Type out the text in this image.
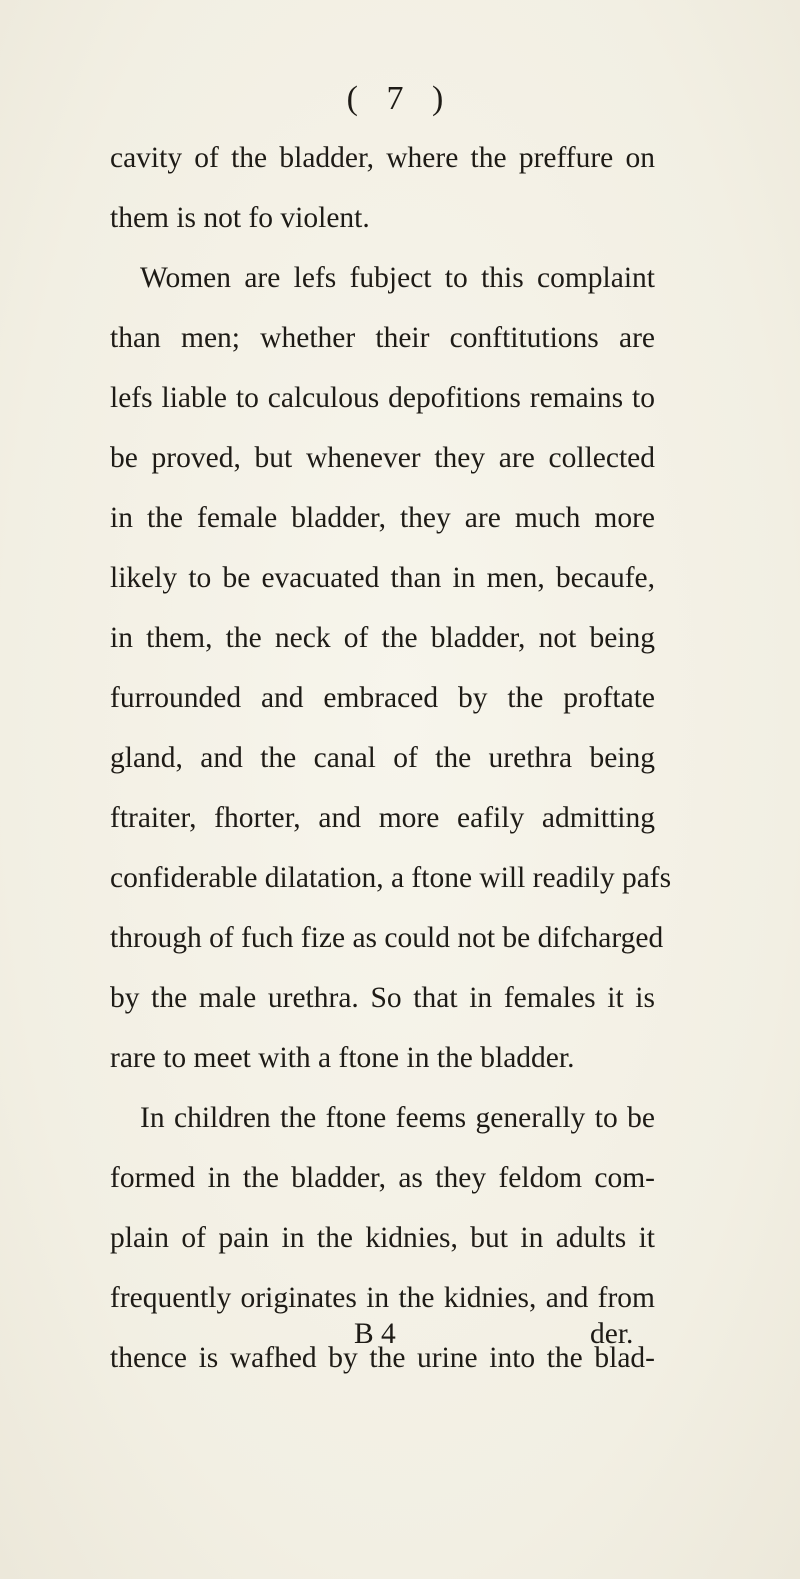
( 7 )
cavity of the bladder, where the preffure on
them is not fo violent.
Women are lefs fubject to this complaint
than men; whether their conftitutions are
lefs liable to calculous depofitions remains to
be proved, but whenever they are collected
in the female bladder, they are much more
likely to be evacuated than in men, becaufe,
in them, the neck of the bladder, not being
furrounded and embraced by the proftate
gland, and the canal of the urethra being
ftraiter, fhorter, and more eafily admitting
confiderable dilatation, a ftone will readily pafs
through of fuch fize as could not be difcharged
by the male urethra. So that in females it is
rare to meet with a ftone in the bladder.
In children the ftone feems generally to be
formed in the bladder, as they feldom com-
plain of pain in the kidnies, but in adults it
frequently originates in the kidnies, and from
thence is wafhed by the urine into the blad-
B 4	der.
